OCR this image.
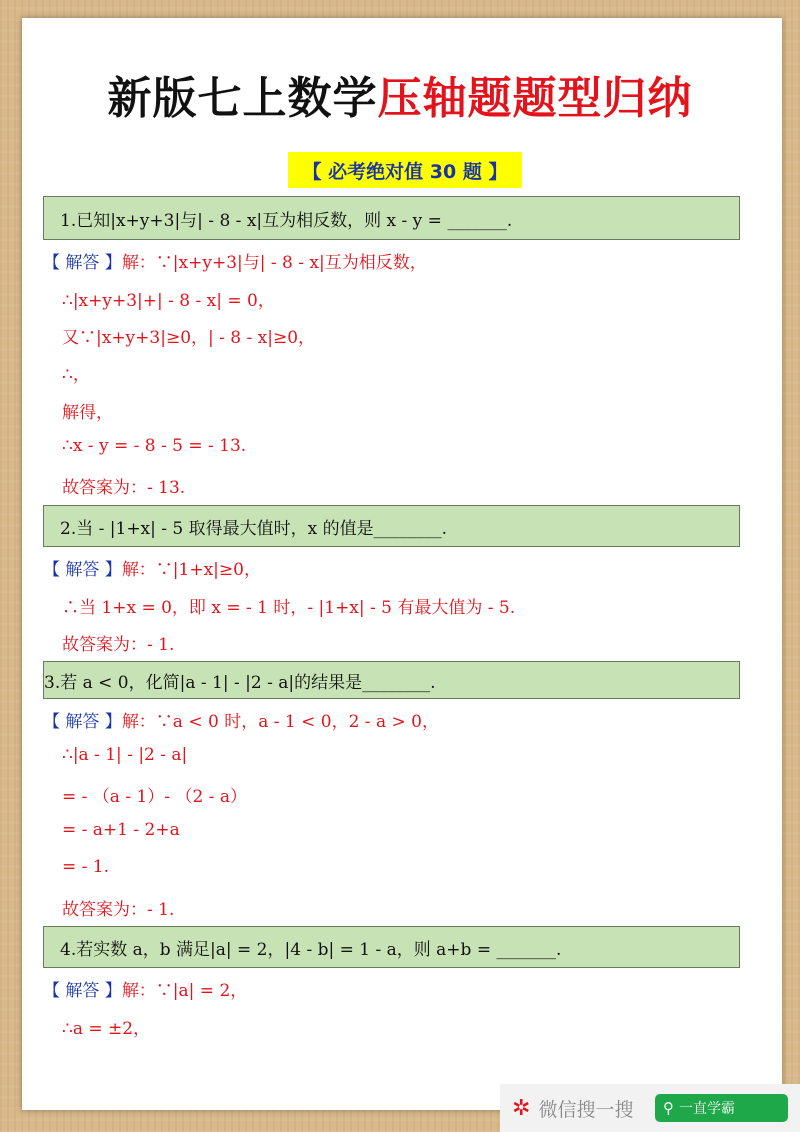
新版七上数学压轴题题型归纳
【 必考绝对值 30 题 】
1.已知|x+y+3|与| - 8 - x|互为相反数，则 x - y = _______.
【 解答 】解：∵|x+y+3|与| - 8 - x|互为相反数，
∴|x+y+3|+| - 8 - x| = 0，
又∵|x+y+3|≥0，| - 8 - x|≥0，
∴，
解得，
∴x - y = - 8 - 5 = - 13.
故答案为：- 13.
2.当 - |1+x| - 5 取得最大值时，x 的值是________.
【 解答 】解：∵|1+x|≥0，
∴当 1+x = 0，即 x = - 1 时，- |1+x| - 5 有最大值为 - 5.
故答案为：- 1.
3.若 a < 0，化简|a - 1| - |2 - a|的结果是________.
【 解答 】解：∵a < 0 时，a - 1 < 0，2 - a > 0，
∴|a - 1| - |2 - a|
= - （a - 1）- （2 - a）
= - a+1 - 2+a
= - 1.
故答案为：- 1.
4.若实数 a，b 满足|a| = 2，|4 - b| = 1 - a，则 a+b = _______.
【 解答 】解：∵|a| = 2，
∴a = ±2，
✲ 微信搜一搜 ⚲ 一直学霸
